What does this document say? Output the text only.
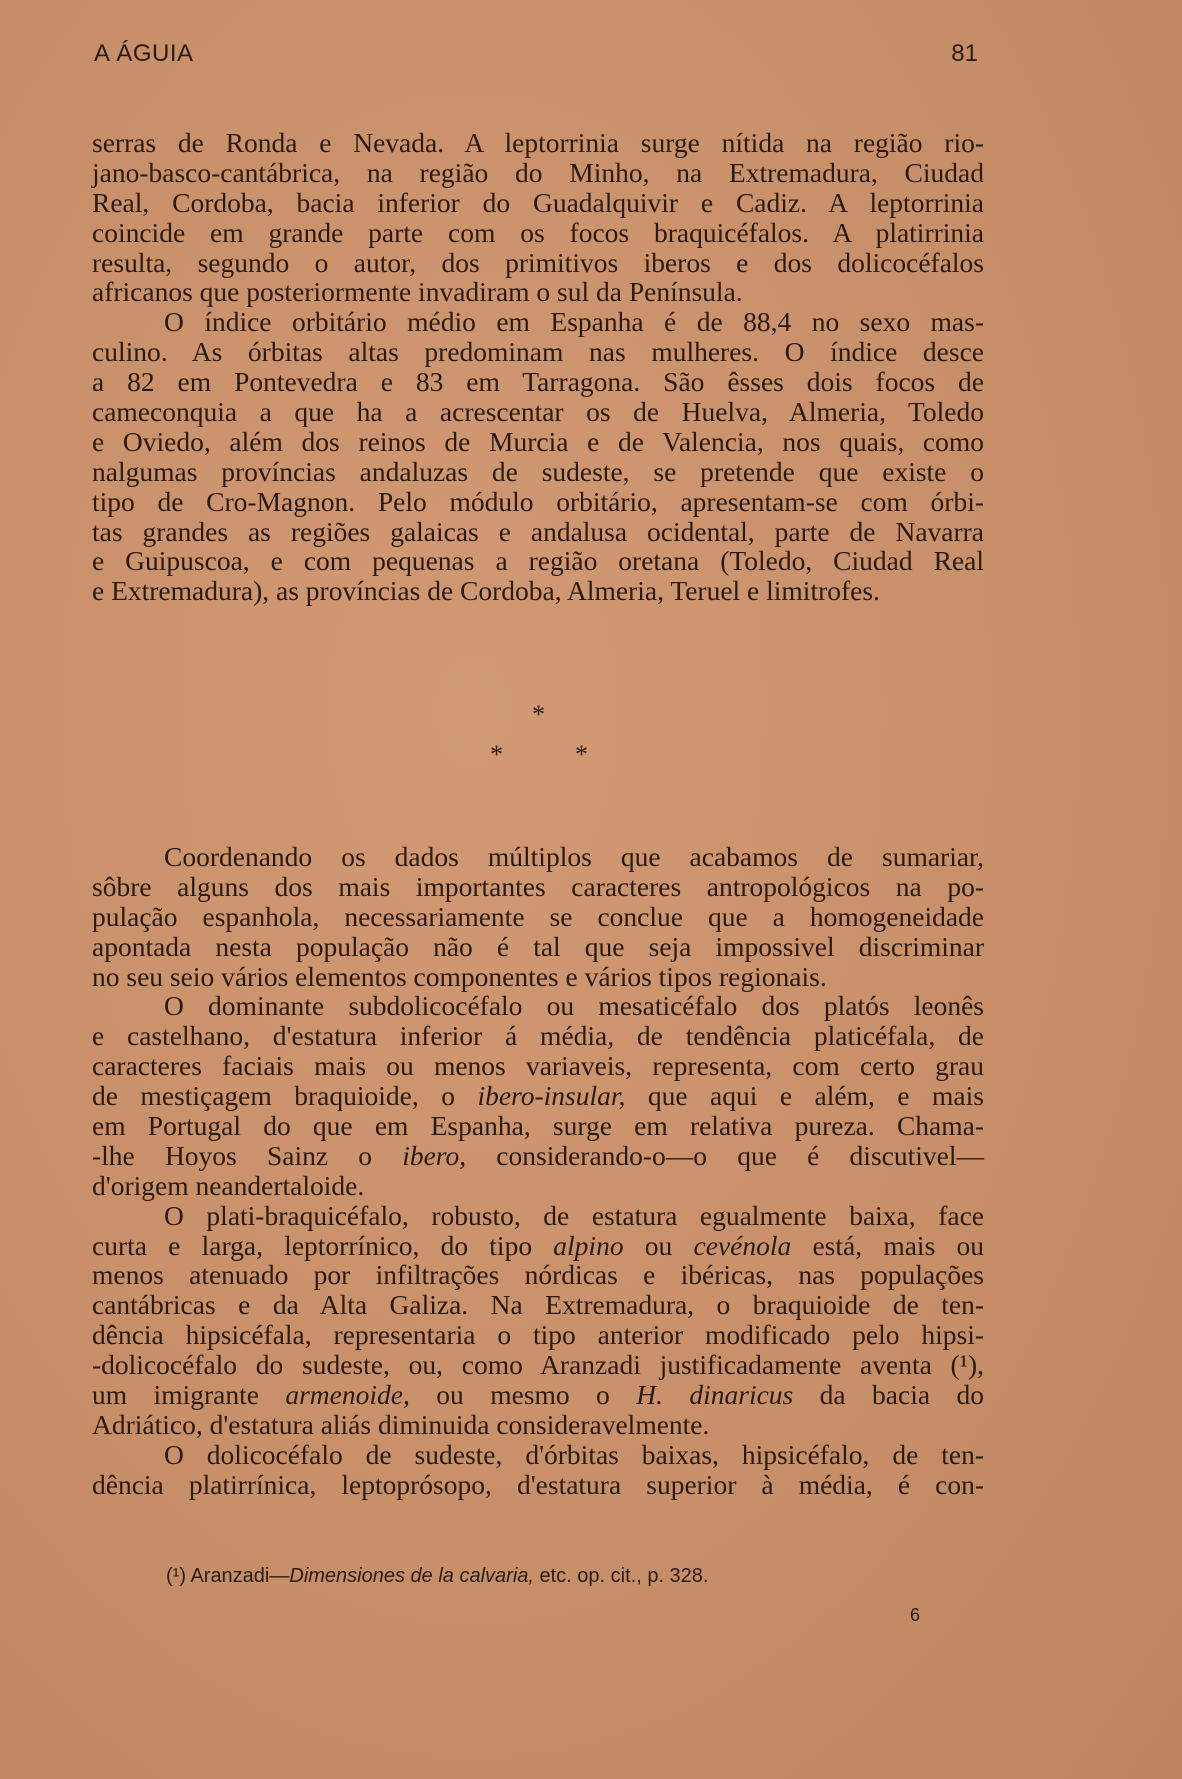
A ÁGUIA	81
serras de Ronda e Nevada. A leptorrinia surge nítida na região rio-
jano-basco-cantábrica, na região do Minho, na Extremadura, Ciudad
Real, Cordoba, bacia inferior do Guadalquivir e Cadiz. A leptorrinia
coincide em grande parte com os focos braquicéfalos. A platirrinia
resulta, segundo o autor, dos primitivos iberos e dos dolicocéfalos
africanos que posteriormente invadiram o sul da Península.
O índice orbitário médio em Espanha é de 88,4 no sexo mas-
culino. As órbitas altas predominam nas mulheres. O índice desce
a 82 em Pontevedra e 83 em Tarragona. São êsses dois focos de
cameconquia a que ha a acrescentar os de Huelva, Almeria, Toledo
e Oviedo, além dos reinos de Murcia e de Valencia, nos quais, como
nalgumas províncias andaluzas de sudeste, se pretende que existe o
tipo de Cro-Magnon. Pelo módulo orbitário, apresentam-se com órbi-
tas grandes as regiões galaicas e andalusa ocidental, parte de Navarra
e Guipuscoa, e com pequenas a região oretana (Toledo, Ciudad Real
e Extremadura), as províncias de Cordoba, Almeria, Teruel e limitrofes.
*
*	*
Coordenando os dados múltiplos que acabamos de sumariar,
sôbre alguns dos mais importantes caracteres antropológicos na po-
pulação espanhola, necessariamente se conclue que a homogeneidade
apontada nesta população não é tal que seja impossivel discriminar
no seu seio vários elementos componentes e vários tipos regionais.
O dominante subdolicocéfalo ou mesaticéfalo dos platós leonês
e castelhano, d'estatura inferior á média, de tendência platicéfala, de
caracteres faciais mais ou menos variaveis, representa, com certo grau
de mestiçagem braquioide, o ibero-insular, que aqui e além, e mais
em Portugal do que em Espanha, surge em relativa pureza. Chama-
-lhe Hoyos Sainz o ibero, considerando-o—o que é discutivel—
d'origem neandertaloide.
O plati-braquicéfalo, robusto, de estatura egualmente baixa, face
curta e larga, leptorrínico, do tipo alpino ou cevénola está, mais ou
menos atenuado por infiltrações nórdicas e ibéricas, nas populações
cantábricas e da Alta Galiza. Na Extremadura, o braquioide de ten-
dência hipsicéfala, representaria o tipo anterior modificado pelo hipsi-
-dolicocéfalo do sudeste, ou, como Aranzadi justificadamente aventa (¹),
um imigrante armenoide, ou mesmo o H. dinaricus da bacia do
Adriático, d'estatura aliás diminuida consideravelmente.
O dolicocéfalo de sudeste, d'órbitas baixas, hipsicéfalo, de ten-
dência platirrínica, leptoprósopo, d'estatura superior à média, é con-
(¹) Aranzadi—Dimensiones de la calvaria, etc. op. cit., p. 328.
6
